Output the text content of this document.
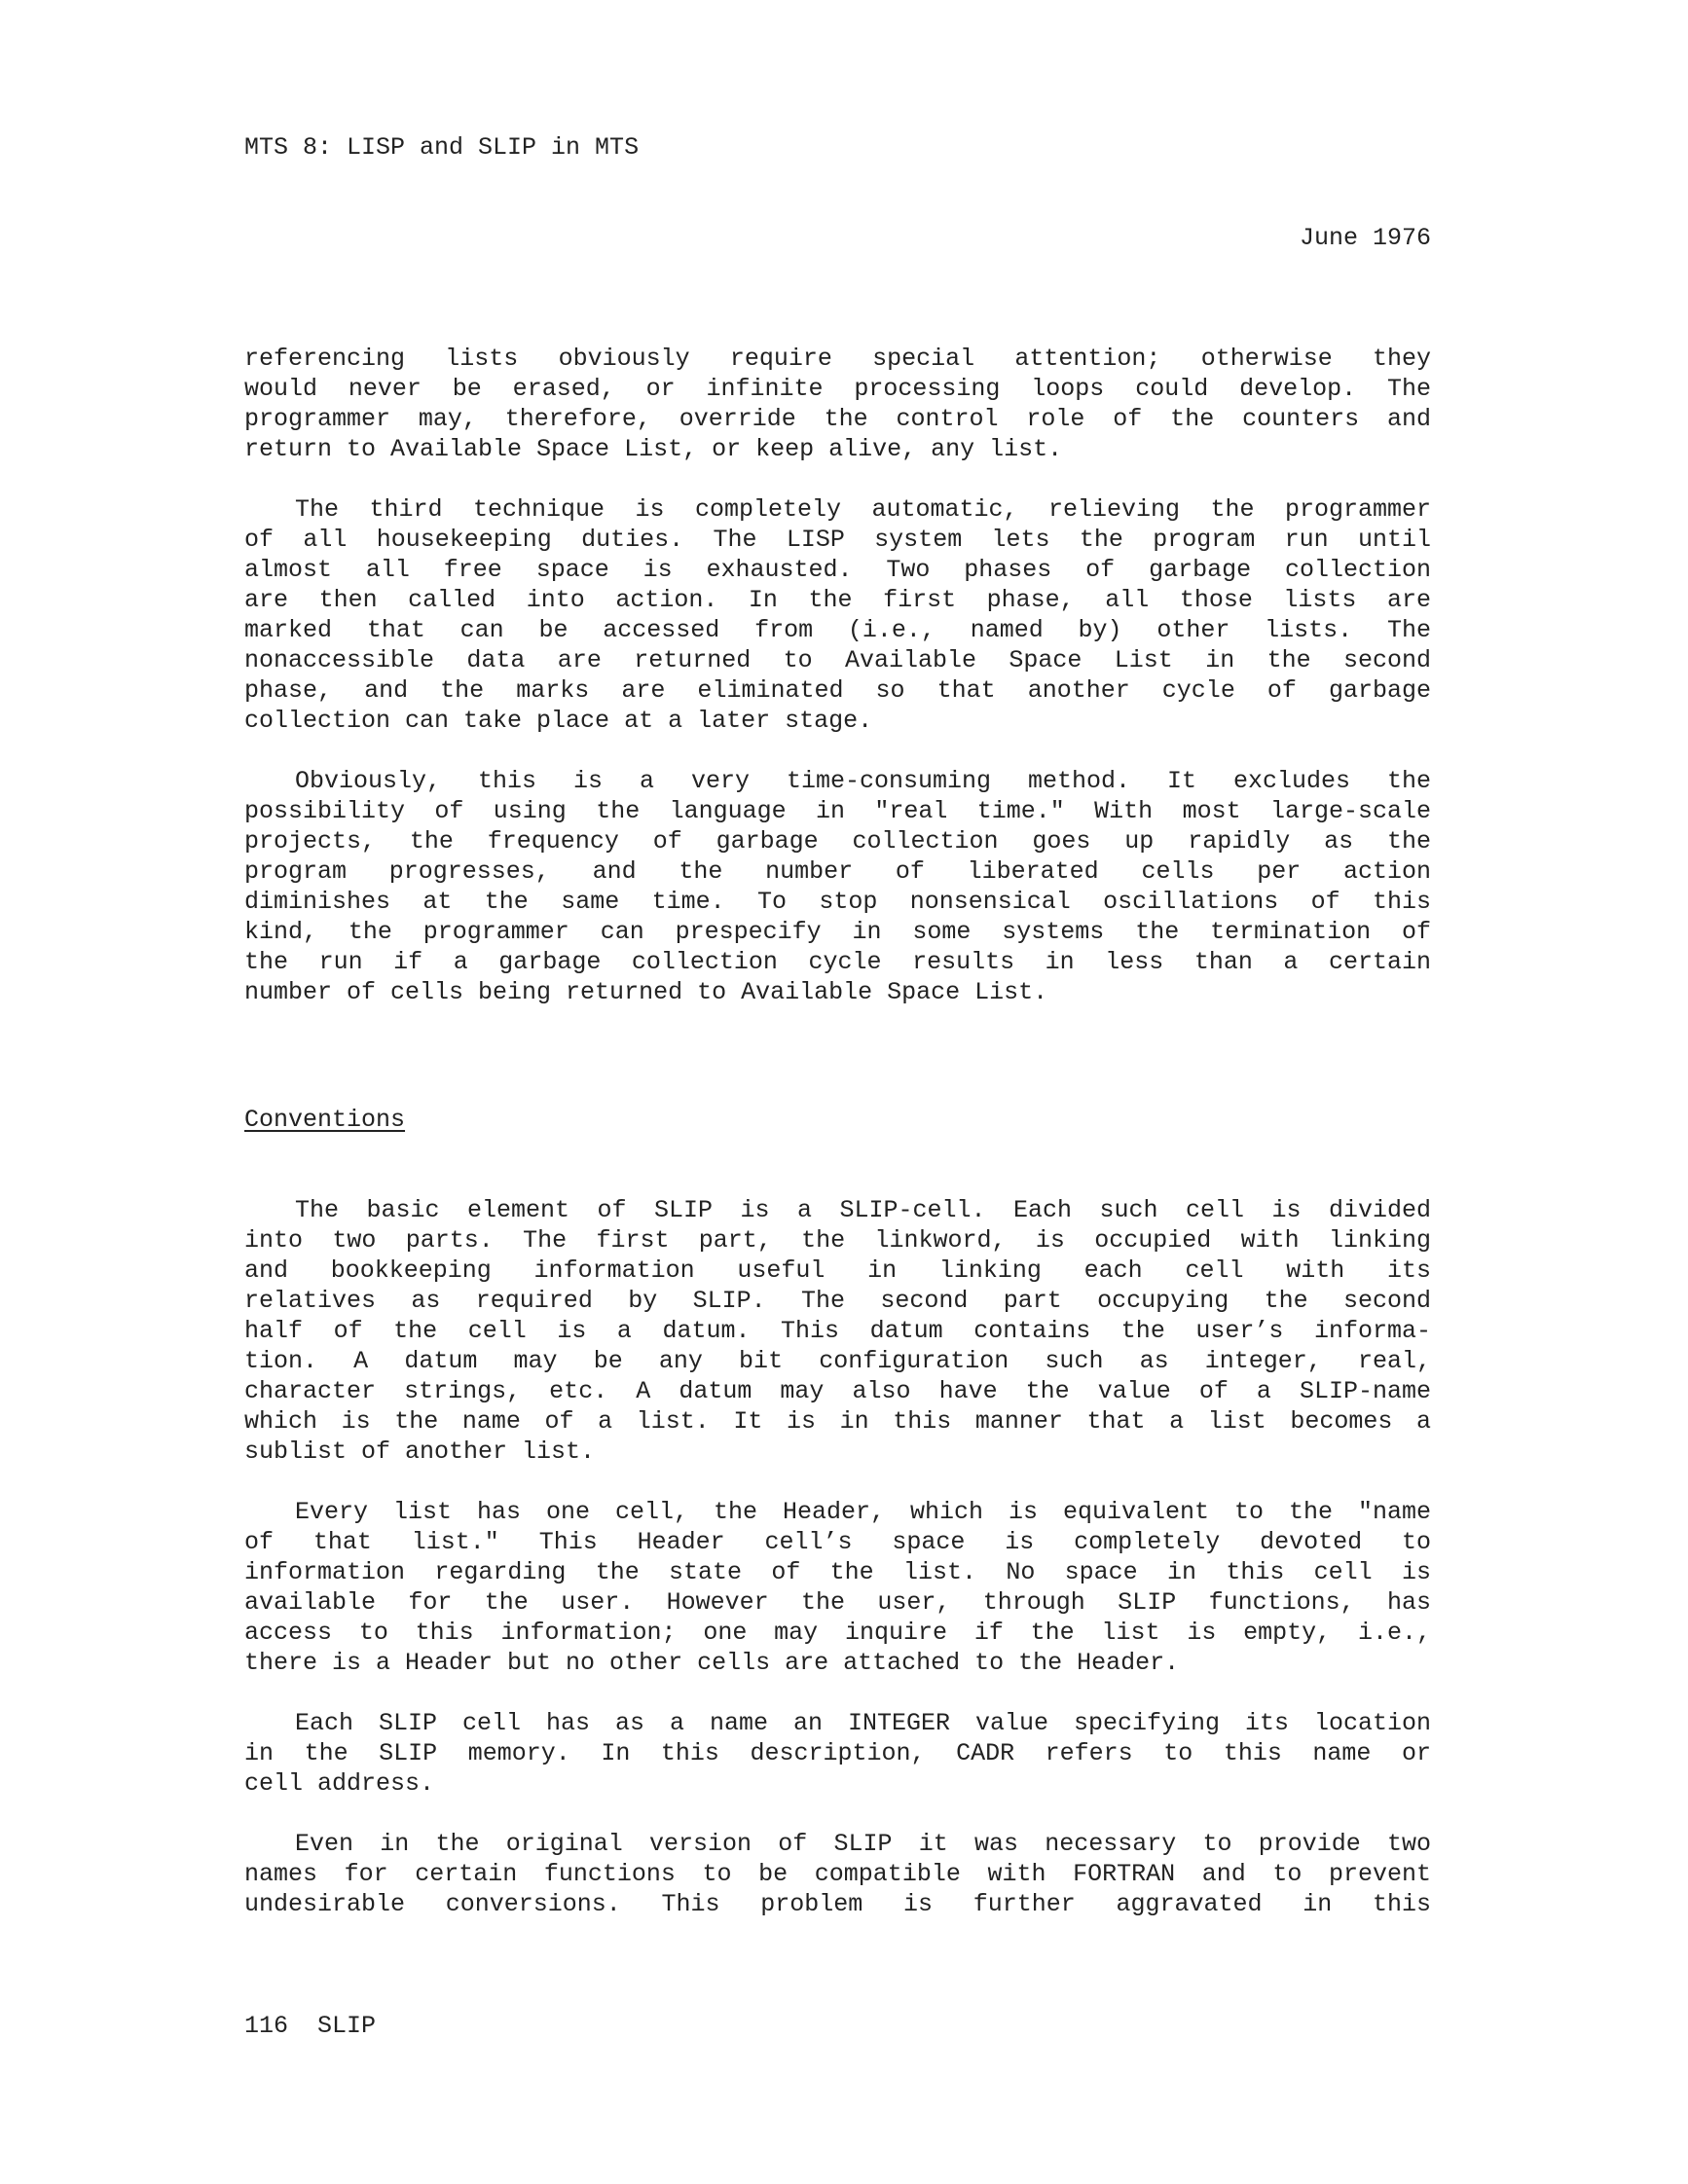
MTS 8: LISP and SLIP in MTS
June 1976
referencing lists obviously require special attention; otherwise they
would never be erased, or infinite processing loops could develop. The
programmer may, therefore, override the control role of the counters and
return to Available Space List, or keep alive, any list.
The third technique is completely automatic, relieving the programmer
of all housekeeping duties. The LISP system lets the program run until
almost all free space is exhausted. Two phases of garbage collection
are then called into action. In the first phase, all those lists are
marked that can be accessed from (i.e., named by) other lists. The
nonaccessible data are returned to Available Space List in the second
phase, and the marks are eliminated so that another cycle of garbage
collection can take place at a later stage.
Obviously, this is a very time-consuming method. It excludes the
possibility of using the language in "real time." With most large-scale
projects, the frequency of garbage collection goes up rapidly as the
program progresses, and the number of liberated cells per action
diminishes at the same time. To stop nonsensical oscillations of this
kind, the programmer can prespecify in some systems the termination of
the run if a garbage collection cycle results in less than a certain
number of cells being returned to Available Space List.
Conventions
The basic element of SLIP is a SLIP-cell. Each such cell is divided
into two parts. The first part, the linkword, is occupied with linking
and bookkeeping information useful in linking each cell with its
relatives as required by SLIP. The second part occupying the second
half of the cell is a datum. This datum contains the user’s informa-
tion. A datum may be any bit configuration such as integer, real,
character strings, etc. A datum may also have the value of a SLIP-name
which is the name of a list. It is in this manner that a list becomes a
sublist of another list.
Every list has one cell, the Header, which is equivalent to the "name
of that list." This Header cell’s space is completely devoted to
information regarding the state of the list. No space in this cell is
available for the user. However the user, through SLIP functions, has
access to this information; one may inquire if the list is empty, i.e.,
there is a Header but no other cells are attached to the Header.
Each SLIP cell has as a name an INTEGER value specifying its location
in the SLIP memory. In this description, CADR refers to this name or
cell address.
Even in the original version of SLIP it was necessary to provide two
names for certain functions to be compatible with FORTRAN and to prevent
undesirable conversions. This problem is further aggravated in this
116  SLIP
